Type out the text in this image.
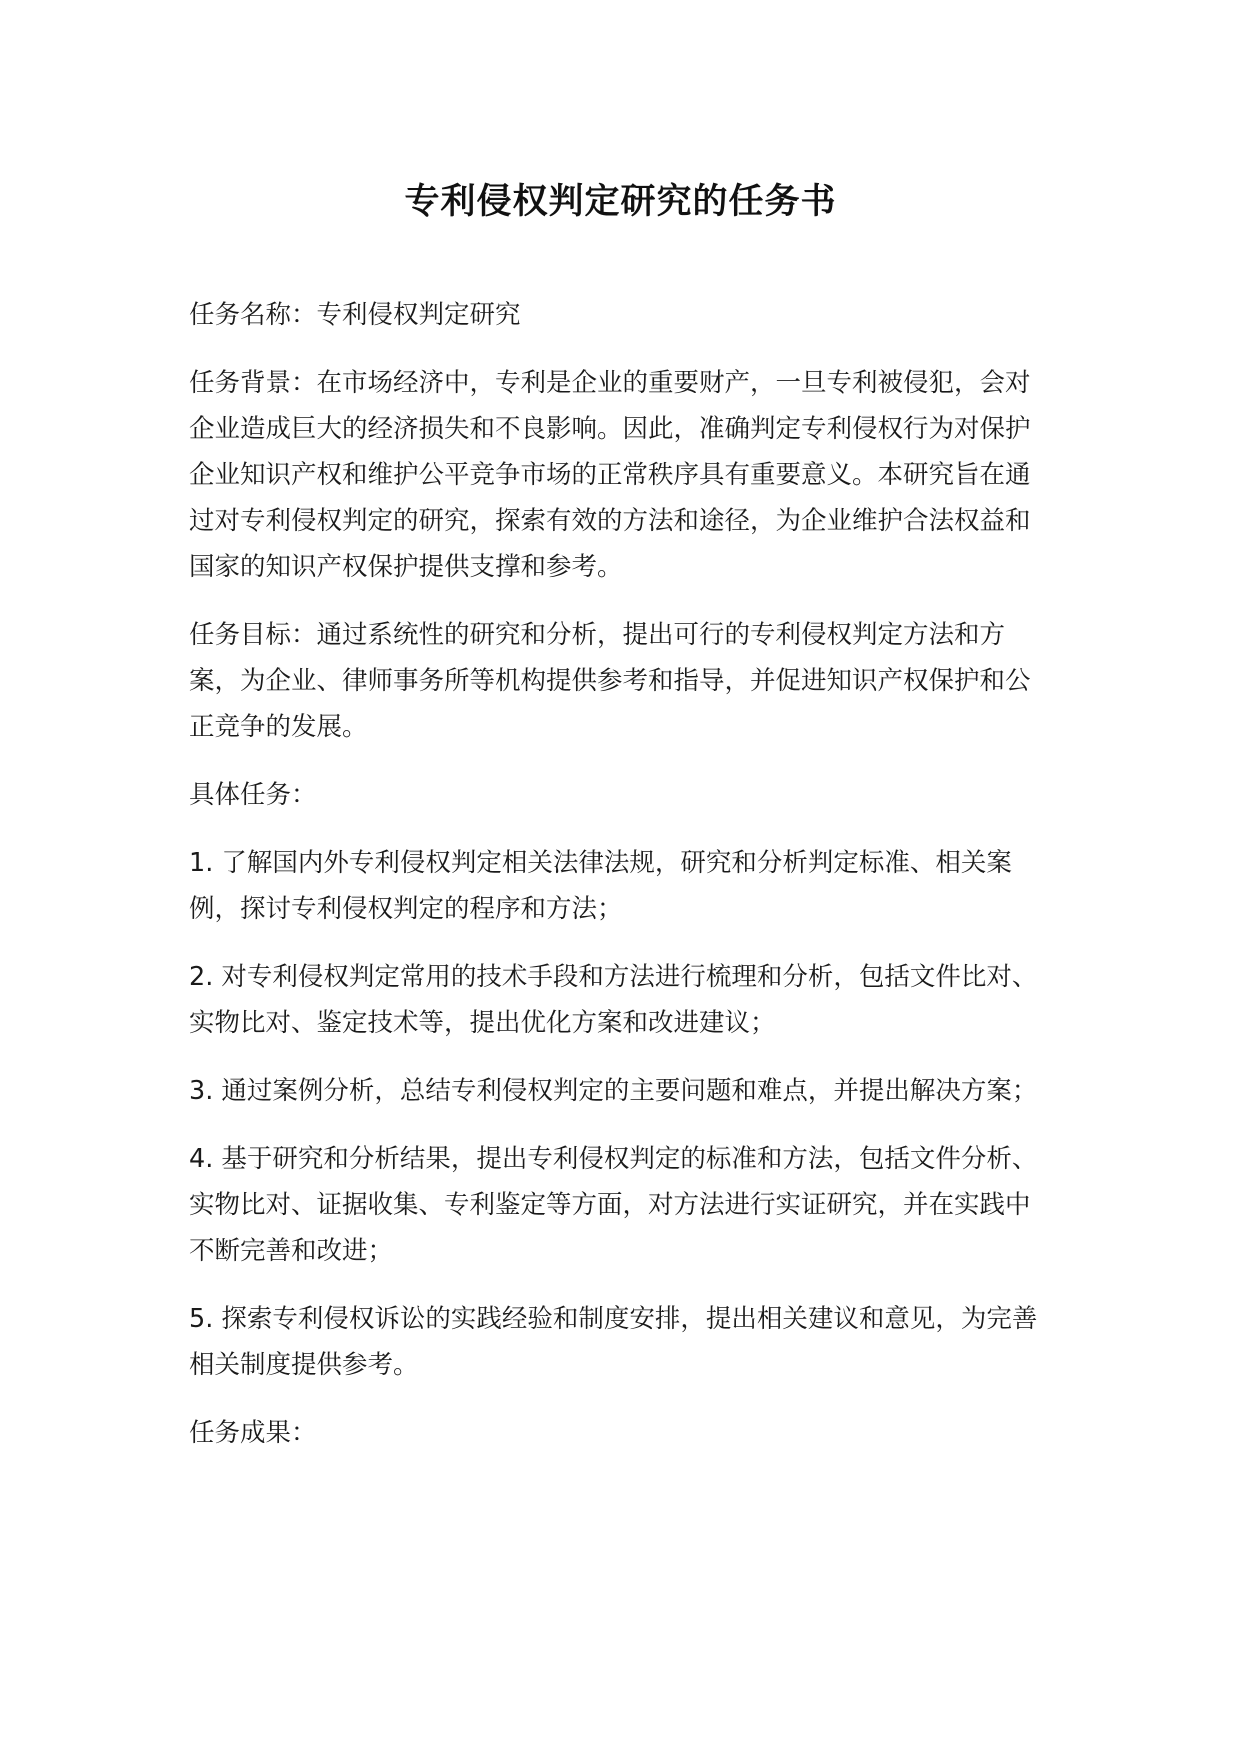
专利侵权判定研究的任务书

任务名称：专利侵权判定研究

任务背景：在市场经济中，专利是企业的重要财产，一旦专利被侵犯，会对企业造成巨大的经济损失和不良影响。因此，准确判定专利侵权行为对保护企业知识产权和维护公平竞争市场的正常秩序具有重要意义。本研究旨在通过对专利侵权判定的研究，探索有效的方法和途径，为企业维护合法权益和国家的知识产权保护提供支撑和参考。

任务目标：通过系统性的研究和分析，提出可行的专利侵权判定方法和方案，为企业、律师事务所等机构提供参考和指导，并促进知识产权保护和公正竞争的发展。

具体任务：

1. 了解国内外专利侵权判定相关法律法规，研究和分析判定标准、相关案例，探讨专利侵权判定的程序和方法；

2. 对专利侵权判定常用的技术手段和方法进行梳理和分析，包括文件比对、实物比对、鉴定技术等，提出优化方案和改进建议；

3. 通过案例分析，总结专利侵权判定的主要问题和难点，并提出解决方案；

4. 基于研究和分析结果，提出专利侵权判定的标准和方法，包括文件分析、实物比对、证据收集、专利鉴定等方面，对方法进行实证研究，并在实践中不断完善和改进；

5. 探索专利侵权诉讼的实践经验和制度安排，提出相关建议和意见，为完善相关制度提供参考。

任务成果：
